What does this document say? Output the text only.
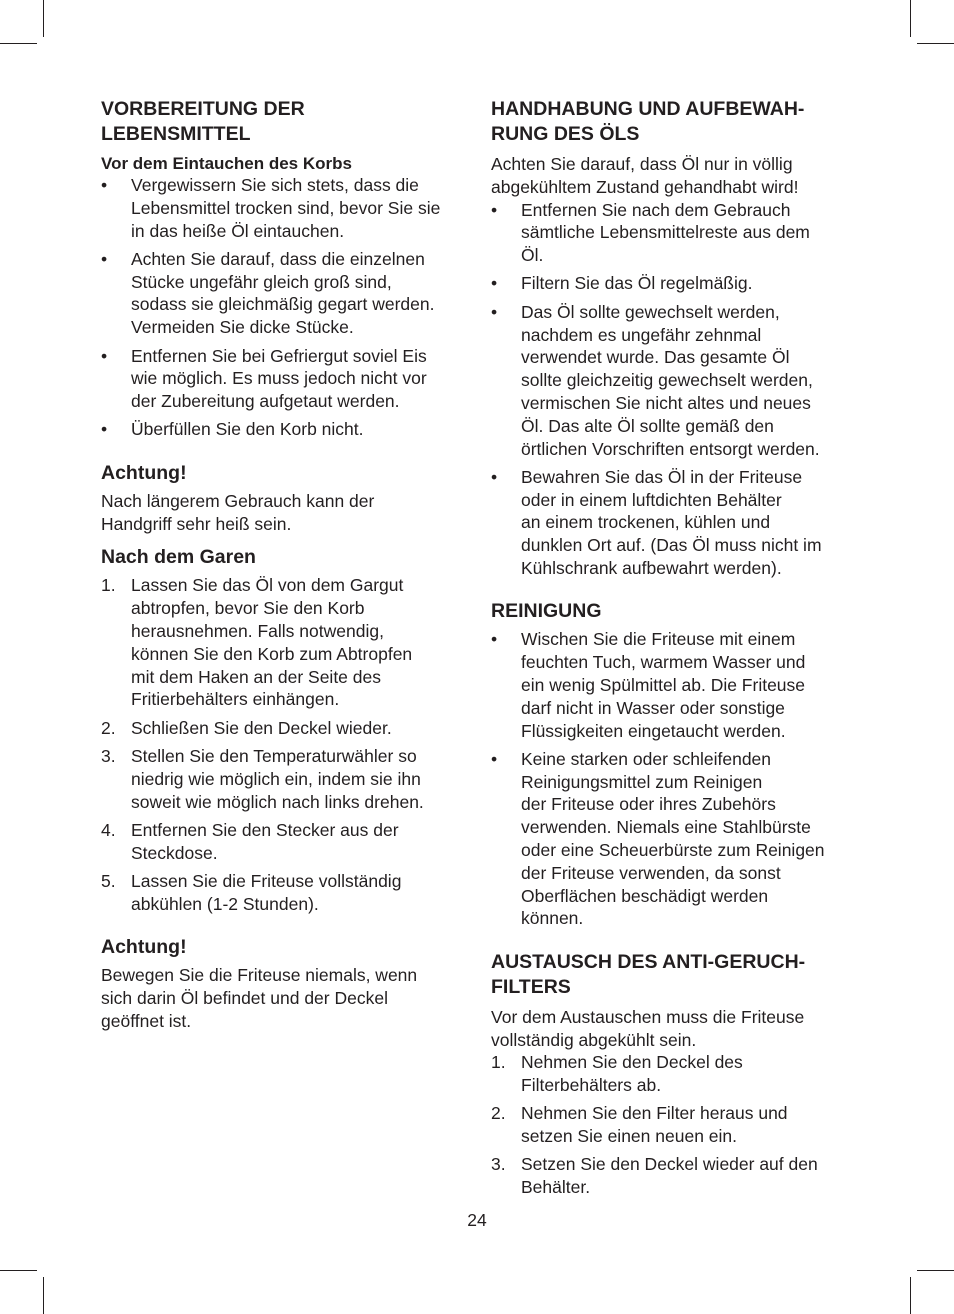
VORBEREITUNG DER
LEBENSMITTEL
Vor dem Eintauchen des Korbs
• Vergewissern Sie sich stets, dass die
Lebensmittel trocken sind, bevor Sie sie
in das heiße Öl eintauchen.
• Achten Sie darauf, dass die einzelnen
Stücke ungefähr gleich groß sind,
sodass sie gleichmäßig gegart werden.
Vermeiden Sie dicke Stücke.
• Entfernen Sie bei Gefriergut soviel Eis
wie möglich. Es muss jedoch nicht vor
der Zubereitung aufgetaut werden.
• Überfüllen Sie den Korb nicht.
Achtung!
Nach längerem Gebrauch kann der
Handgriff sehr heiß sein.
Nach dem Garen
1. Lassen Sie das Öl von dem Gargut
abtropfen, bevor Sie den Korb
herausnehmen. Falls notwendig,
können Sie den Korb zum Abtropfen
mit dem Haken an der Seite des
Fritierbehälters einhängen.
2. Schließen Sie den Deckel wieder.
3. Stellen Sie den Temperaturwähler so
niedrig wie möglich ein, indem sie ihn
soweit wie möglich nach links drehen.
4. Entfernen Sie den Stecker aus der
Steckdose.
5. Lassen Sie die Friteuse vollständig
abkühlen (1-2 Stunden).
Achtung!
Bewegen Sie die Friteuse niemals, wenn
sich darin Öl befindet und der Deckel
geöffnet ist.
HANDHABUNG UND AUFBEWAH-
RUNG DES ÖLS
Achten Sie darauf, dass Öl nur in völlig
abgekühltem Zustand gehandhabt wird!
• Entfernen Sie nach dem Gebrauch
sämtliche Lebensmittelreste aus dem
Öl.
• Filtern Sie das Öl regelmäßig.
• Das Öl sollte gewechselt werden,
nachdem es ungefähr zehnmal
verwendet wurde. Das gesamte Öl
sollte gleichzeitig gewechselt werden,
vermischen Sie nicht altes und neues
Öl. Das alte Öl sollte gemäß den
örtlichen Vorschriften entsorgt werden.
• Bewahren Sie das Öl in der Friteuse
oder in einem luftdichten Behälter
an einem trockenen, kühlen und
dunklen Ort auf. (Das Öl muss nicht im
Kühlschrank aufbewahrt werden).
REINIGUNG
• Wischen Sie die Friteuse mit einem
feuchten Tuch, warmem Wasser und
ein wenig Spülmittel ab. Die Friteuse
darf nicht in Wasser oder sonstige
Flüssigkeiten eingetaucht werden.
• Keine starken oder schleifenden
Reinigungsmittel zum Reinigen
der Friteuse oder ihres Zubehörs
verwenden. Niemals eine Stahlbürste
oder eine Scheuerbürste zum Reinigen
der Friteuse verwenden, da sonst
Oberflächen beschädigt werden
können.
AUSTAUSCH DES ANTI-GERUCH-
FILTERS
Vor dem Austauschen muss die Friteuse
vollständig abgekühlt sein.
1. Nehmen Sie den Deckel des
Filterbehälters ab.
2. Nehmen Sie den Filter heraus und
setzen Sie einen neuen ein.
3. Setzen Sie den Deckel wieder auf den
Behälter.
24
